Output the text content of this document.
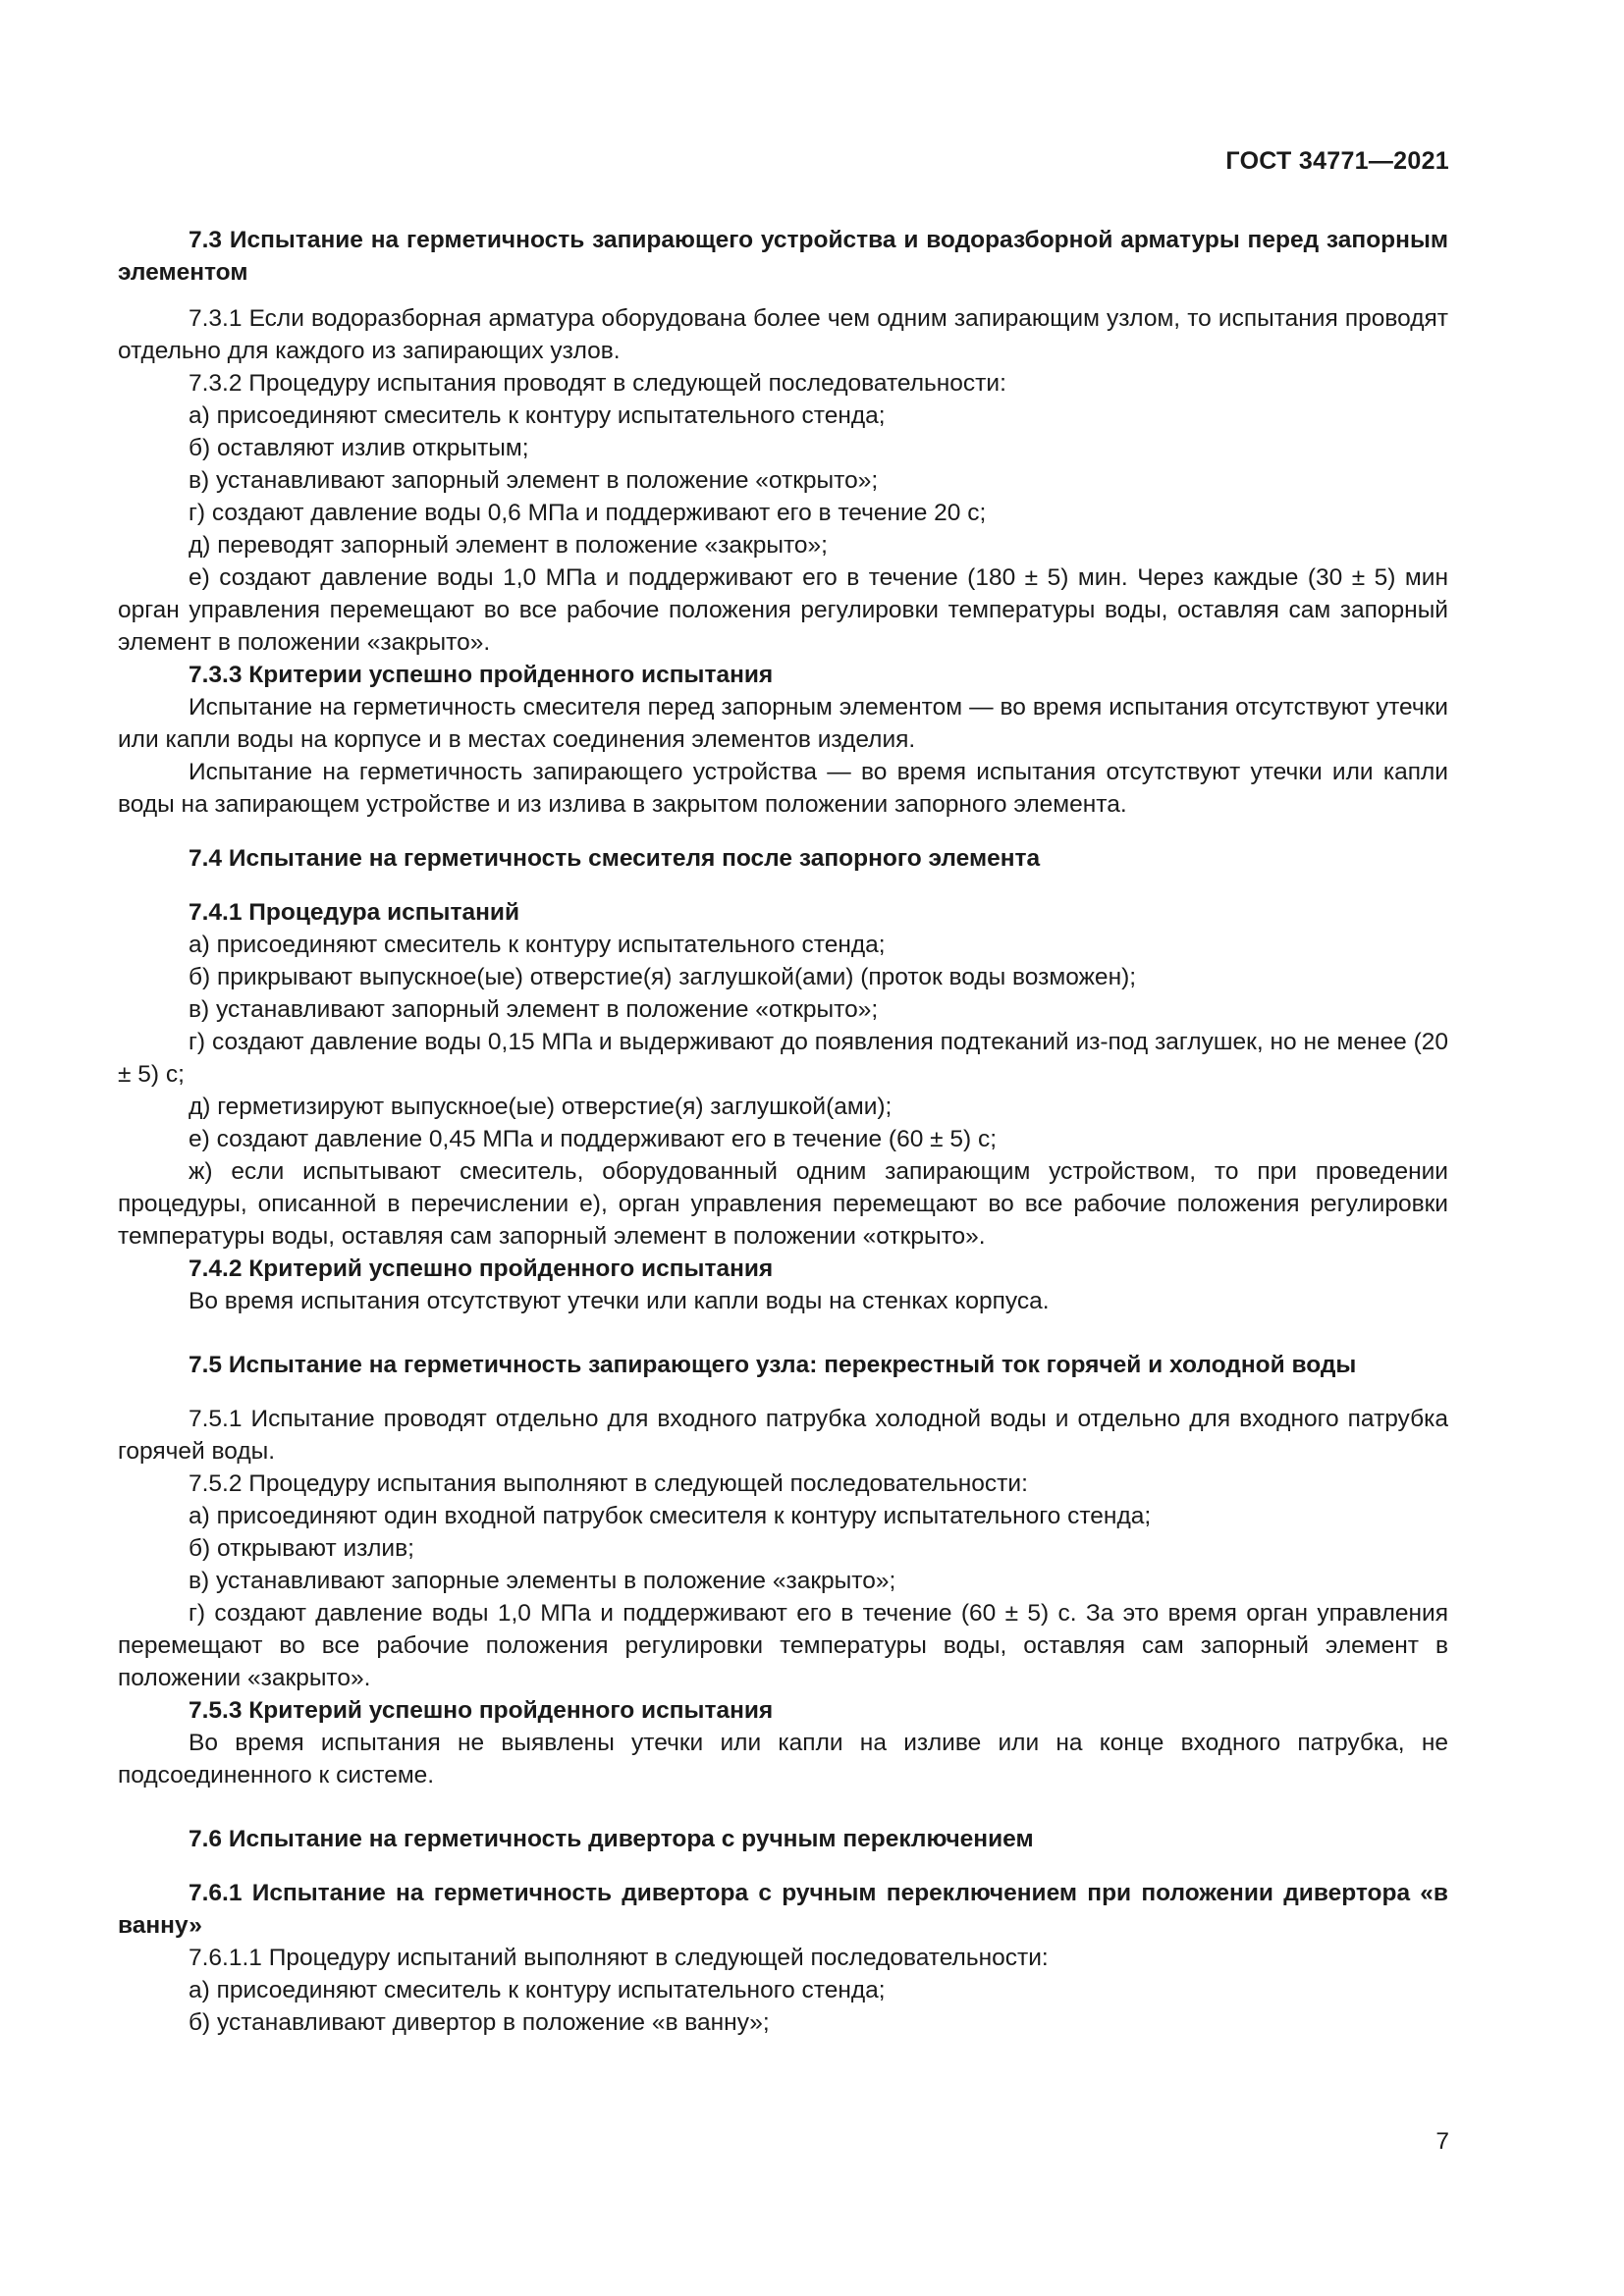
ГОСТ 34771—2021
7.3 Испытание на герметичность запирающего устройства и водоразборной арматуры перед запорным элементом

7.3.1 Если водоразборная арматура оборудована более чем одним запирающим узлом, то испытания проводят отдельно для каждого из запирающих узлов.

7.3.2 Процедуру испытания проводят в следующей последовательности:

а) присоединяют смеситель к контуру испытательного стенда;

б) оставляют излив открытым;

в) устанавливают запорный элемент в положение «открыто»;

г) создают давление воды 0,6 МПа и поддерживают его в течение 20 с;

д) переводят запорный элемент в положение «закрыто»;

е) создают давление воды 1,0 МПа и поддерживают его в течение (180 ± 5) мин. Через каждые (30 ± 5) мин орган управления перемещают во все рабочие положения регулировки температуры воды, оставляя сам запорный элемент в положении «закрыто».

7.3.3 Критерии успешно пройденного испытания

Испытание на герметичность смесителя перед запорным элементом — во время испытания отсутствуют утечки или капли воды на корпусе и в местах соединения элементов изделия.

Испытание на герметичность запирающего устройства — во время испытания отсутствуют утечки или капли воды на запирающем устройстве и из излива в закрытом положении запорного элемента.

7.4 Испытание на герметичность смесителя после запорного элемента
7.4.1 Процедура испытаний

а) присоединяют смеситель к контуру испытательного стенда;

б) прикрывают выпускное(ые) отверстие(я) заглушкой(ами) (проток воды возможен);

в) устанавливают запорный элемент в положение «открыто»;

г) создают давление воды 0,15 МПа и выдерживают до появления подтеканий из-под заглушек, но не менее (20 ± 5) с;

д) герметизируют выпускное(ые) отверстие(я) заглушкой(ами);

е) создают давление 0,45 МПа и поддерживают его в течение (60 ± 5) с;

ж) если испытывают смеситель, оборудованный одним запирающим устройством, то при проведении процедуры, описанной в перечислении е), орган управления перемещают во все рабочие положения регулировки температуры воды, оставляя сам запорный элемент в положении «открыто».

7.4.2 Критерий успешно пройденного испытания

Во время испытания отсутствуют утечки или капли воды на стенках корпуса.

7.5 Испытание на герметичность запирающего узла: перекрестный ток горячей и холодной воды

7.5.1 Испытание проводят отдельно для входного патрубка холодной воды и отдельно для входного патрубка горячей воды.

7.5.2 Процедуру испытания выполняют в следующей последовательности:

а) присоединяют один входной патрубок смесителя к контуру испытательного стенда;

б) открывают излив;

в) устанавливают запорные элементы в положение «закрыто»;

г) создают давление воды 1,0 МПа и поддерживают его в течение (60 ± 5) с. За это время орган управления перемещают во все рабочие положения регулировки температуры воды, оставляя сам запорный элемент в положении «закрыто».

7.5.3 Критерий успешно пройденного испытания

Во время испытания не выявлены утечки или капли на изливе или на конце входного патрубка, не подсоединенного к системе.

7.6 Испытание на герметичность дивертора с ручным переключением
7.6.1 Испытание на герметичность дивертора с ручным переключением при положении дивертора «в ванну»

7.6.1.1 Процедуру испытаний выполняют в следующей последовательности:

а) присоединяют смеситель к контуру испытательного стенда;

б) устанавливают дивертор в положение «в ванну»;

7
